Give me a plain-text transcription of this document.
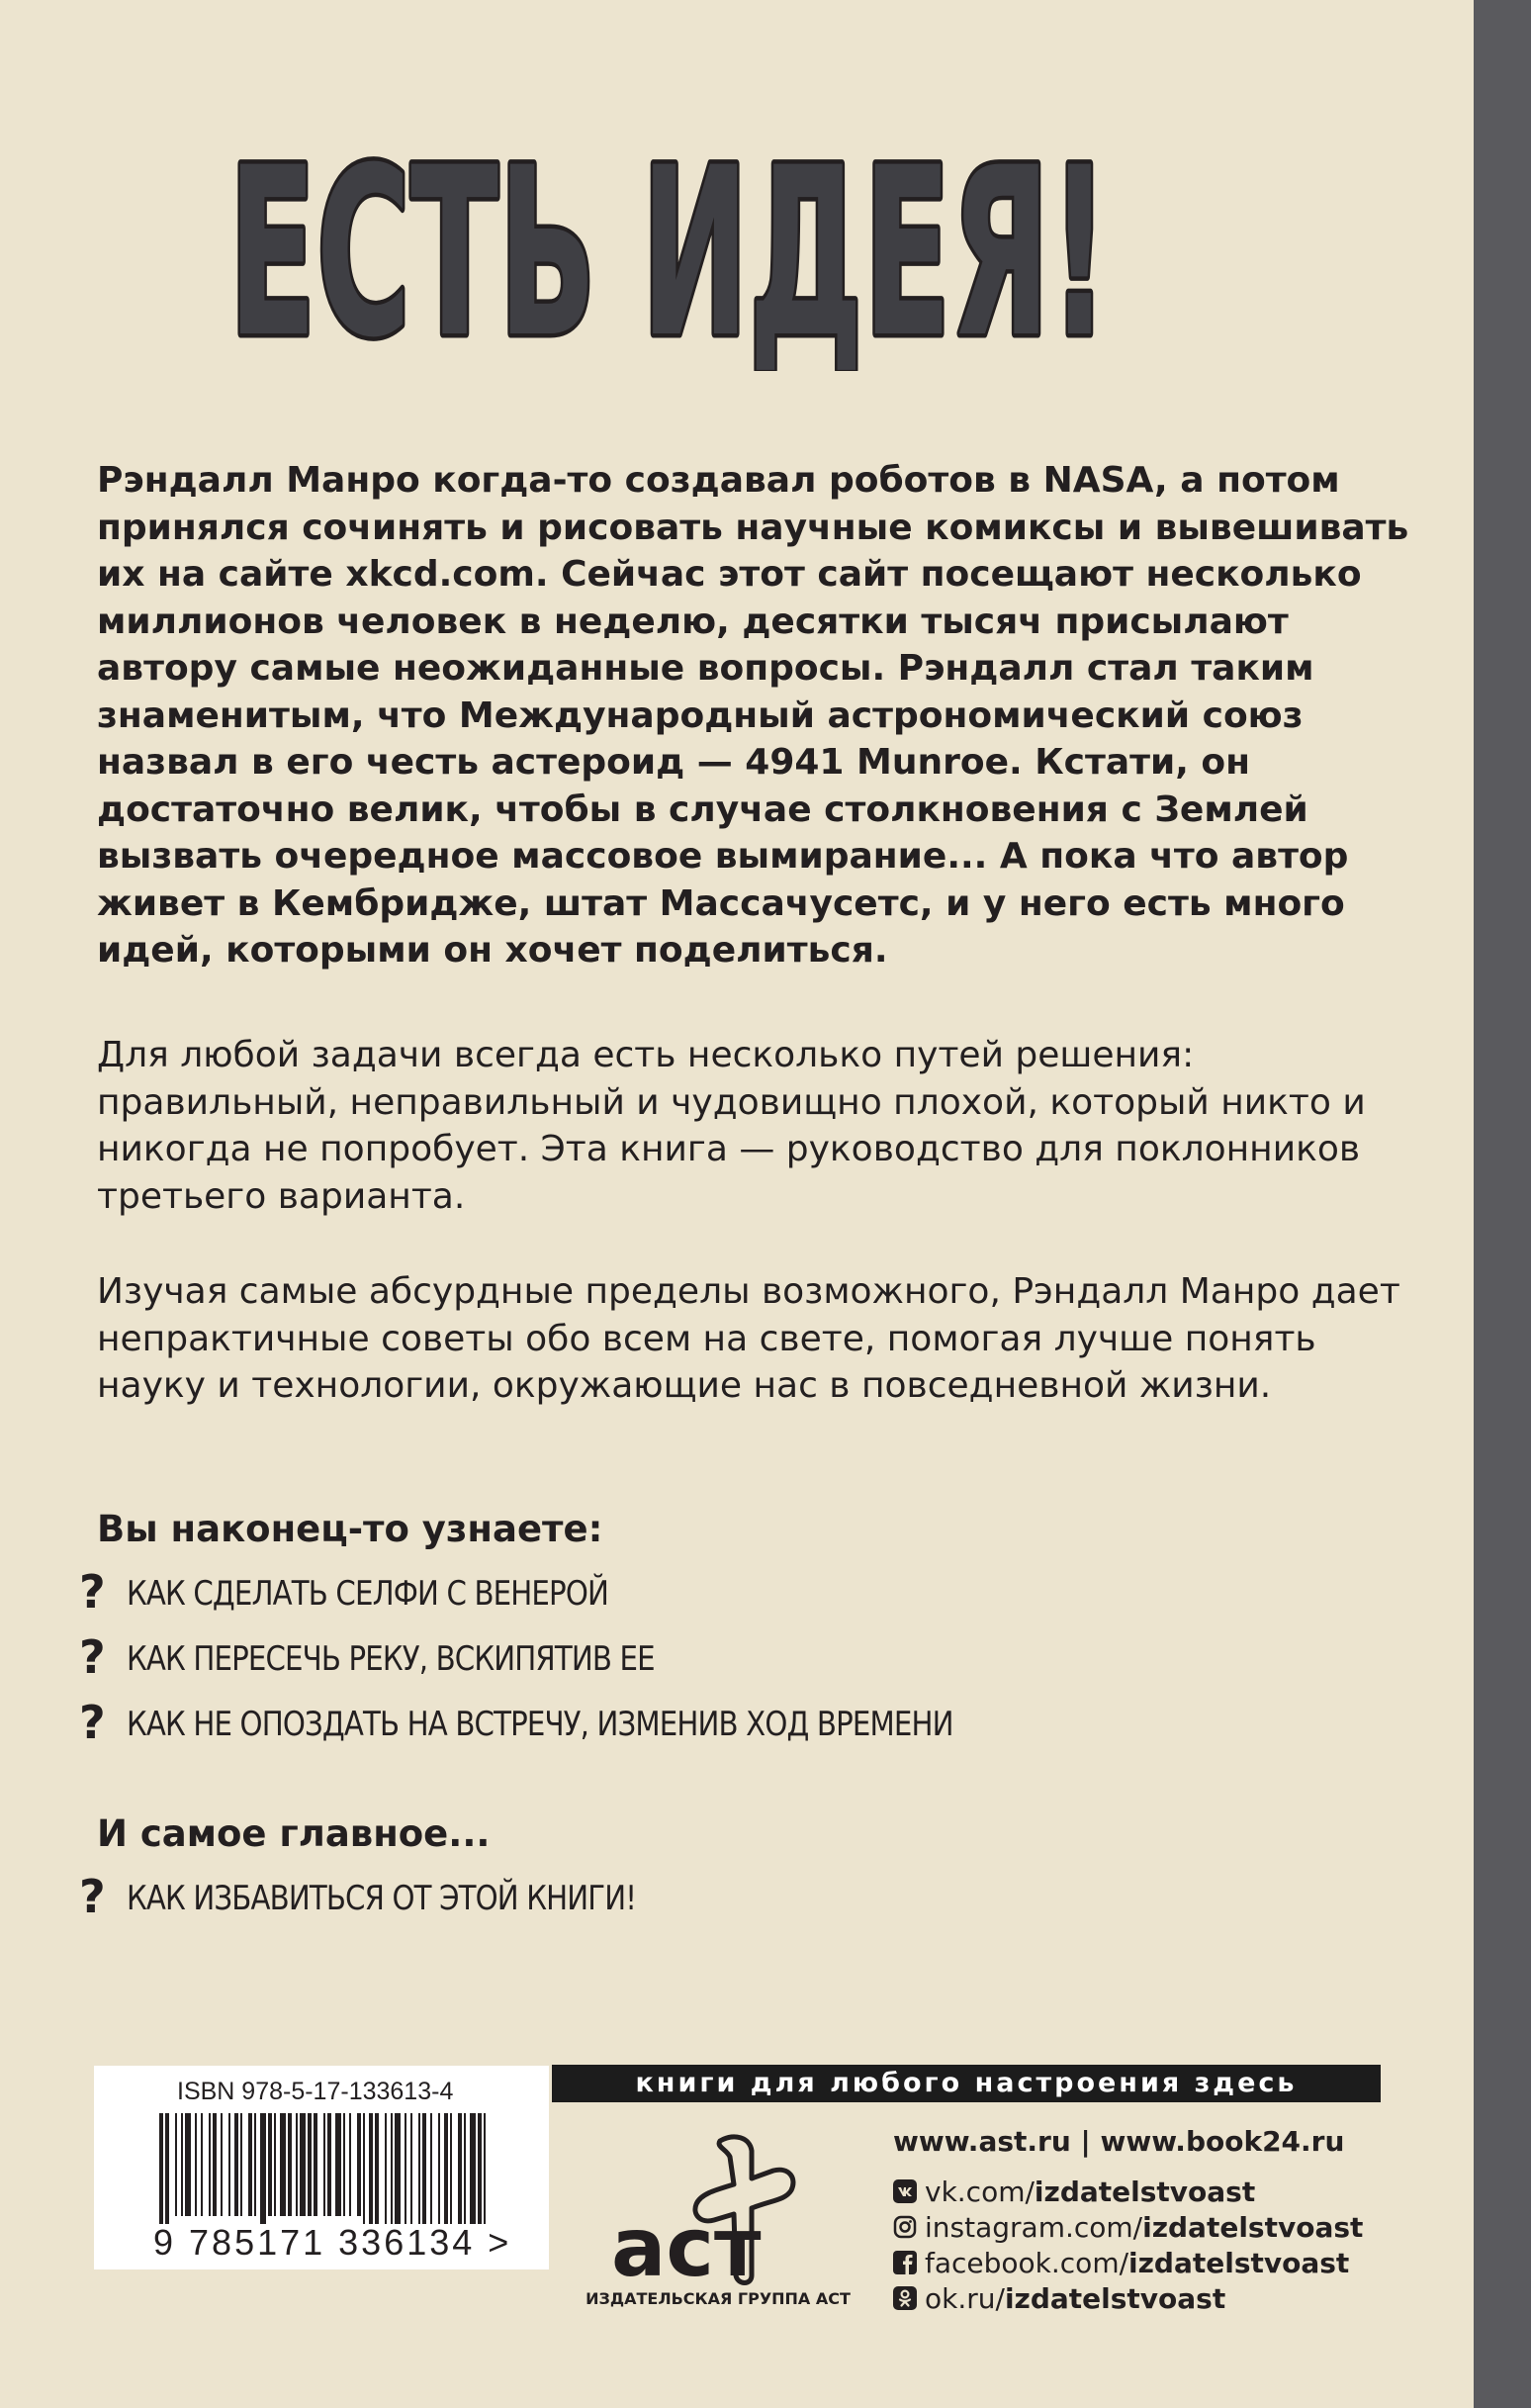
ЕСТЬ ИДЕЯ!

Рэндалл Манро когда-то создавал роботов в NASA, а потом принялся сочинять и рисовать научные комиксы и вывешивать их на сайте xkcd.com. Сейчас этот сайт посещают несколько миллионов человек в неделю, десятки тысяч присылают автору самые неожиданные вопросы. Рэндалл стал таким знаменитым, что Международный астрономический союз назвал в его честь астероид — 4941 Munroe. Кстати, он достаточно велик, чтобы в случае столкновения с Землей вызвать очередное массовое вымирание... А пока что автор живет в Кембридже, штат Массачусетс, и у него есть много идей, которыми он хочет поделиться.

Для любой задачи всегда есть несколько путей решения: правильный, неправильный и чудовищно плохой, который никто и никогда не попробует. Эта книга — руководство для поклонников третьего варианта.

Изучая самые абсурдные пределы возможного, Рэндалл Манро дает непрактичные советы обо всем на свете, помогая лучше понять науку и технологии, окружающие нас в повседневной жизни.

Вы наконец-то узнаете:
? КАК СДЕЛАТЬ СЕЛФИ С ВЕНЕРОЙ
? КАК ПЕРЕСЕЧЬ РЕКУ, ВСКИПЯТИВ ЕЕ
? КАК НЕ ОПОЗДАТЬ НА ВСТРЕЧУ, ИЗМЕНИВ ХОД ВРЕМЕНИ
И самое главное...
? КАК ИЗБАВИТЬСЯ ОТ ЭТОЙ КНИГИ!
ISBN 978-5-17-133613-4
9 785171 336134 >
книги для любого настроения здесь
аст
ИЗДАТЕЛЬСКАЯ ГРУППА АСТ
www.ast.ru | www.book24.ru
vk.com/ izdatelstvoast
instagram.com/ izdatelstvoast
facebook.com/ izdatelstvoast
ok.ru/ izdatelstvoast
